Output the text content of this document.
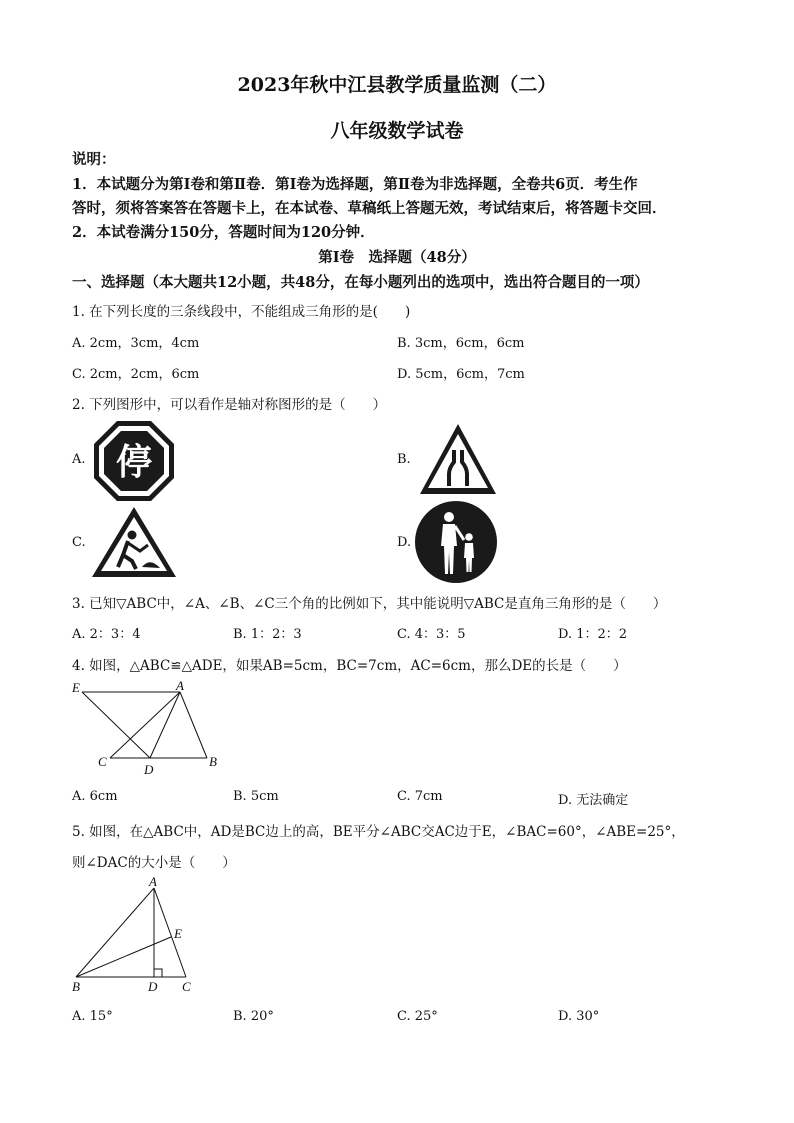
2023年秋中江县教学质量监测（二）
八年级数学试卷
说明：
1．本试题分为第Ⅰ卷和第Ⅱ卷．第Ⅰ卷为选择题，第Ⅱ卷为非选择题，全卷共6页．考生作
答时，须将答案答在答题卡上，在本试卷、草稿纸上答题无效，考试结束后，将答题卡交回．
2．本试卷满分150分，答题时间为120分钟．
第Ⅰ卷　选择题（48分）
一、选择题（本大题共12小题，共48分，在每小题列出的选项中，选出符合题目的一项）
1. 在下列长度的三条线段中，不能组成三角形的是(　　)
A. 2cm，3cm，4cm	B. 3cm，6cm，6cm
C. 2cm，2cm，6cm	D. 5cm，6cm，7cm
2. 下列图形中，可以看作是轴对称图形的是（　　）
A. 停	B.
C.	D.
3. 已知▽ABC中，∠A、∠B、∠C三个角的比例如下，其中能说明▽ABC是直角三角形的是（　　）
A. 2：3：4	B. 1：2：3	C. 4：3：5	D. 1：2：2
4. 如图，△ABC≌△ADE，如果AB=5cm，BC=7cm，AC=6cm，那么DE的长是（　　）
E	A
C
D
B
A. 6cm	B. 5cm	C. 7cm	D. 无法确定
5. 如图，在△ABC中，AD是BC边上的高，BE平分∠ABC交AC边于E，∠BAC=60°，∠ABE=25°，
则∠DAC的大小是（　　）
A
E
B	D C
A. 15°	B. 20°	C. 25°	D. 30°
